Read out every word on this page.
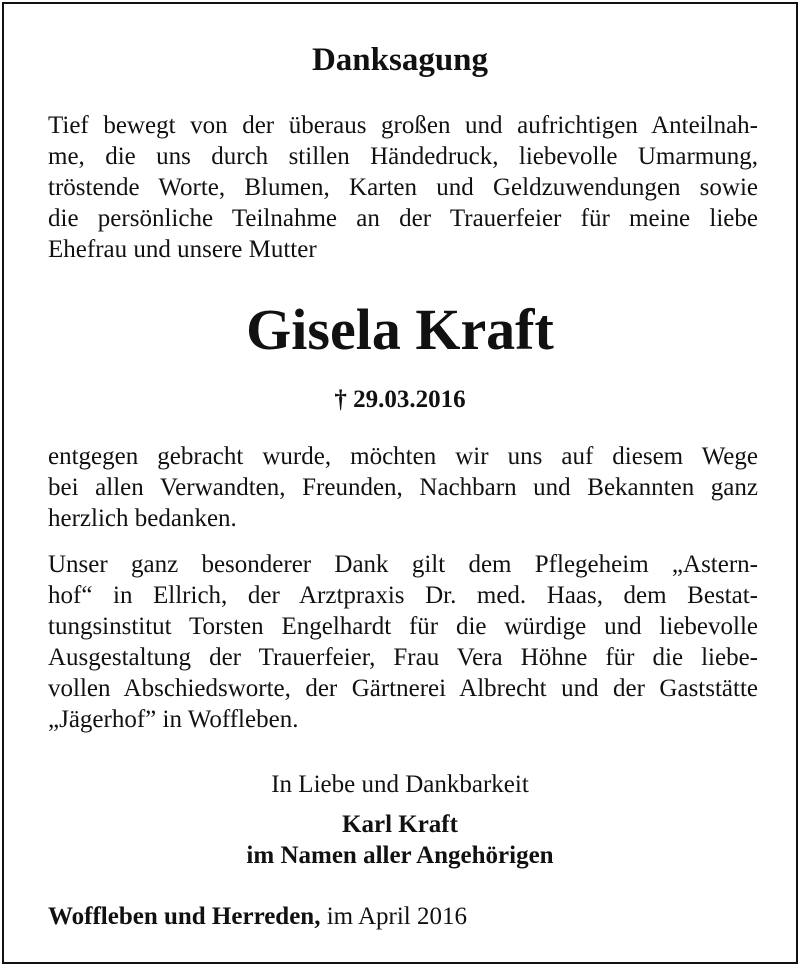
Danksagung
Tief bewegt von der überaus großen und aufrichtigen Anteilnah-
me, die uns durch stillen Händedruck, liebevolle Umarmung,
tröstende Worte, Blumen, Karten und Geldzuwendungen sowie
die persönliche Teilnahme an der Trauerfeier für meine liebe
Ehefrau und unsere Mutter
Gisela Kraft
† 29.03.2016
entgegen gebracht wurde, möchten wir uns auf diesem Wege
bei allen Verwandten, Freunden, Nachbarn und Bekannten ganz
herzlich bedanken.
Unser ganz besonderer Dank gilt dem Pflegeheim „Astern-
hof“ in Ellrich, der Arztpraxis Dr. med. Haas, dem Bestat-
tungsinstitut Torsten Engelhardt für die würdige und liebevolle
Ausgestaltung der Trauerfeier, Frau Vera Höhne für die liebe-
vollen Abschiedsworte, der Gärtnerei Albrecht und der Gaststätte
„Jägerhof” in Woffleben.
In Liebe und Dankbarkeit
Karl Kraft
im Namen aller Angehörigen
Woffleben und Herreden, im April 2016
